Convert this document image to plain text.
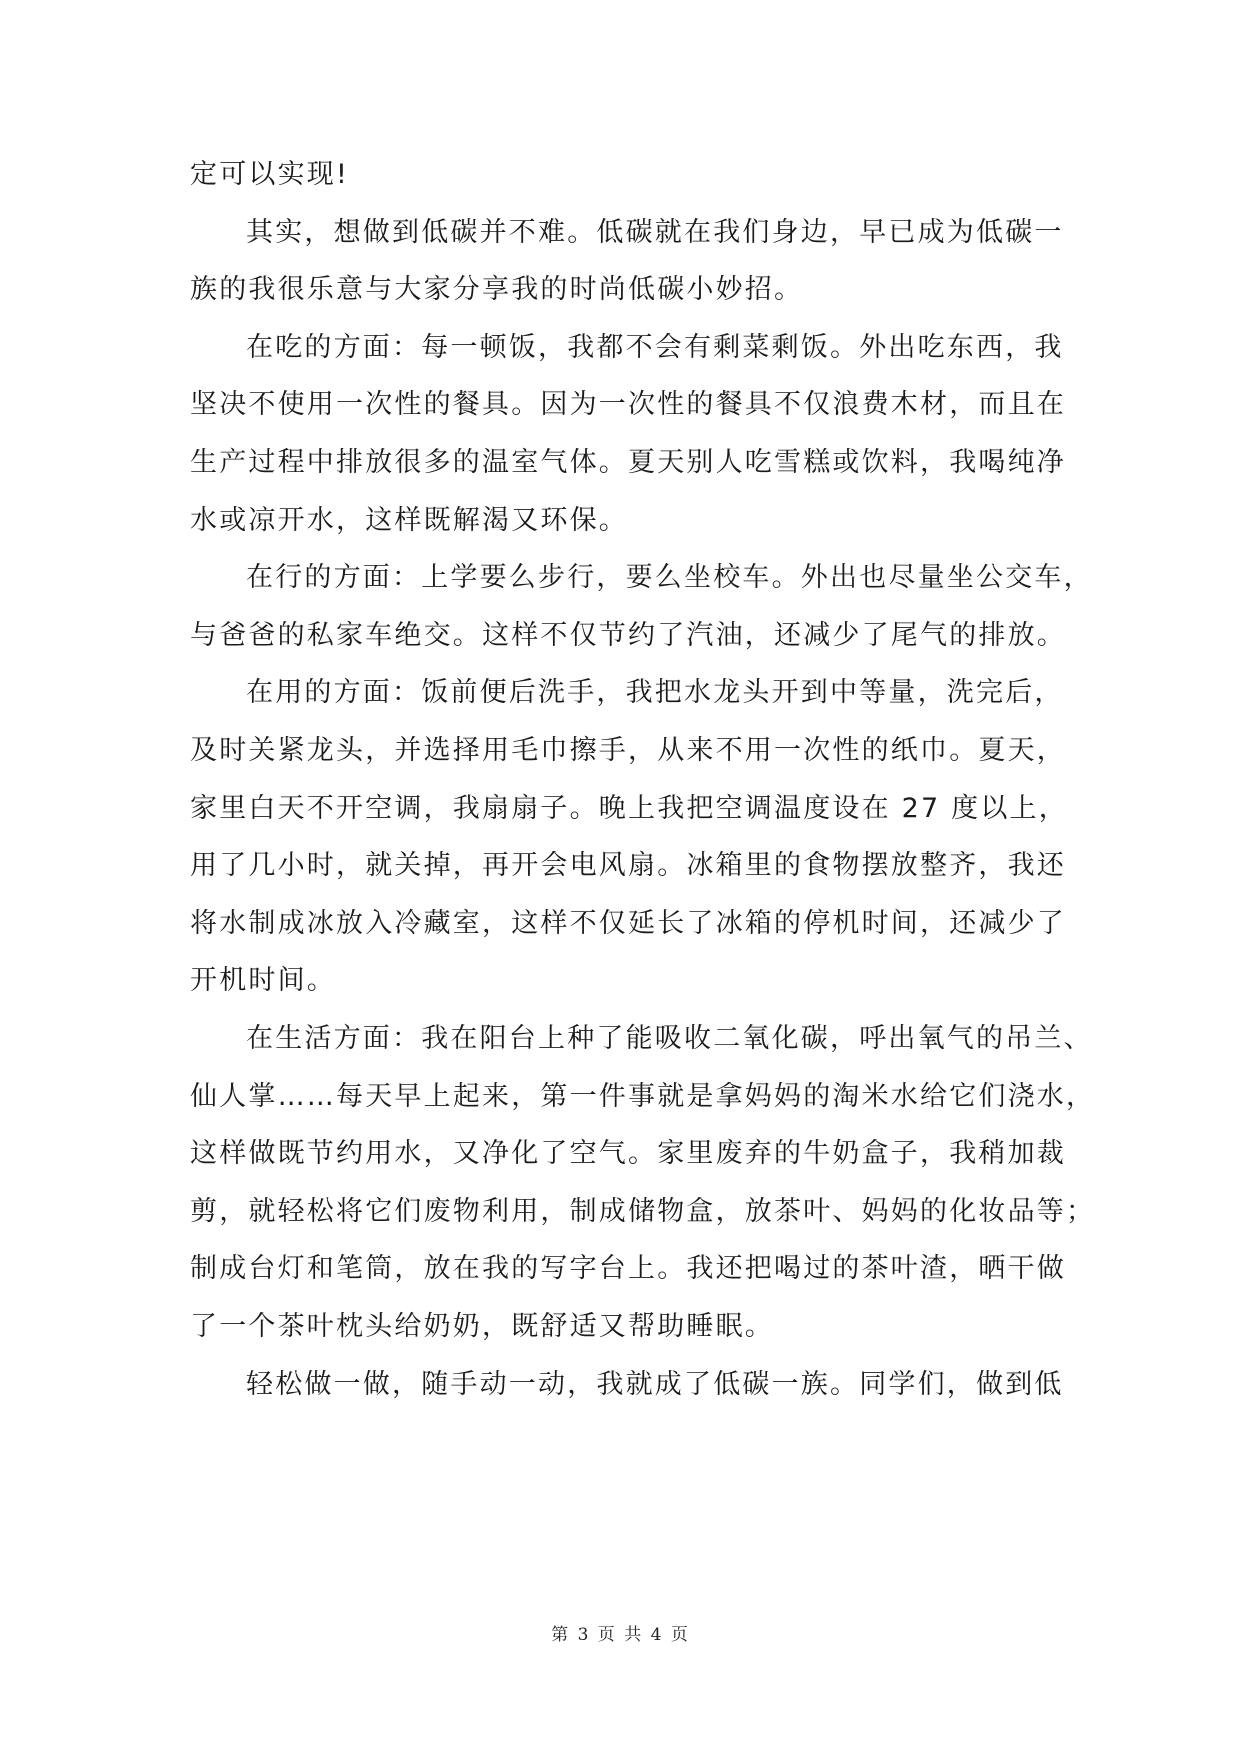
定可以实现!
其实，想做到低碳并不难。低碳就在我们身边，早已成为低碳一
族的我很乐意与大家分享我的时尚低碳小妙招。
在吃的方面：每一顿饭，我都不会有剩菜剩饭。外出吃东西，我
坚决不使用一次性的餐具。因为一次性的餐具不仅浪费木材，而且在
生产过程中排放很多的温室气体。夏天别人吃雪糕或饮料，我喝纯净
水或凉开水，这样既解渴又环保。
在行的方面：上学要么步行，要么坐校车。外出也尽量坐公交车，
与爸爸的私家车绝交。这样不仅节约了汽油，还减少了尾气的排放。
在用的方面：饭前便后洗手，我把水龙头开到中等量，洗完后，
及时关紧龙头，并选择用毛巾擦手，从来不用一次性的纸巾。夏天，
家里白天不开空调，我扇扇子。晚上我把空调温度设在 27 度以上，
用了几小时，就关掉，再开会电风扇。冰箱里的食物摆放整齐，我还
将水制成冰放入冷藏室，这样不仅延长了冰箱的停机时间，还减少了
开机时间。
在生活方面：我在阳台上种了能吸收二氧化碳，呼出氧气的吊兰、
仙人掌……每天早上起来，第一件事就是拿妈妈的淘米水给它们浇水，
这样做既节约用水，又净化了空气。家里废弃的牛奶盒子，我稍加裁
剪，就轻松将它们废物利用，制成储物盒，放茶叶、妈妈的化妆品等；
制成台灯和笔筒，放在我的写字台上。我还把喝过的茶叶渣，晒干做
了一个茶叶枕头给奶奶，既舒适又帮助睡眠。
轻松做一做，随手动一动，我就成了低碳一族。同学们，做到低
第 3 页 共 4 页
